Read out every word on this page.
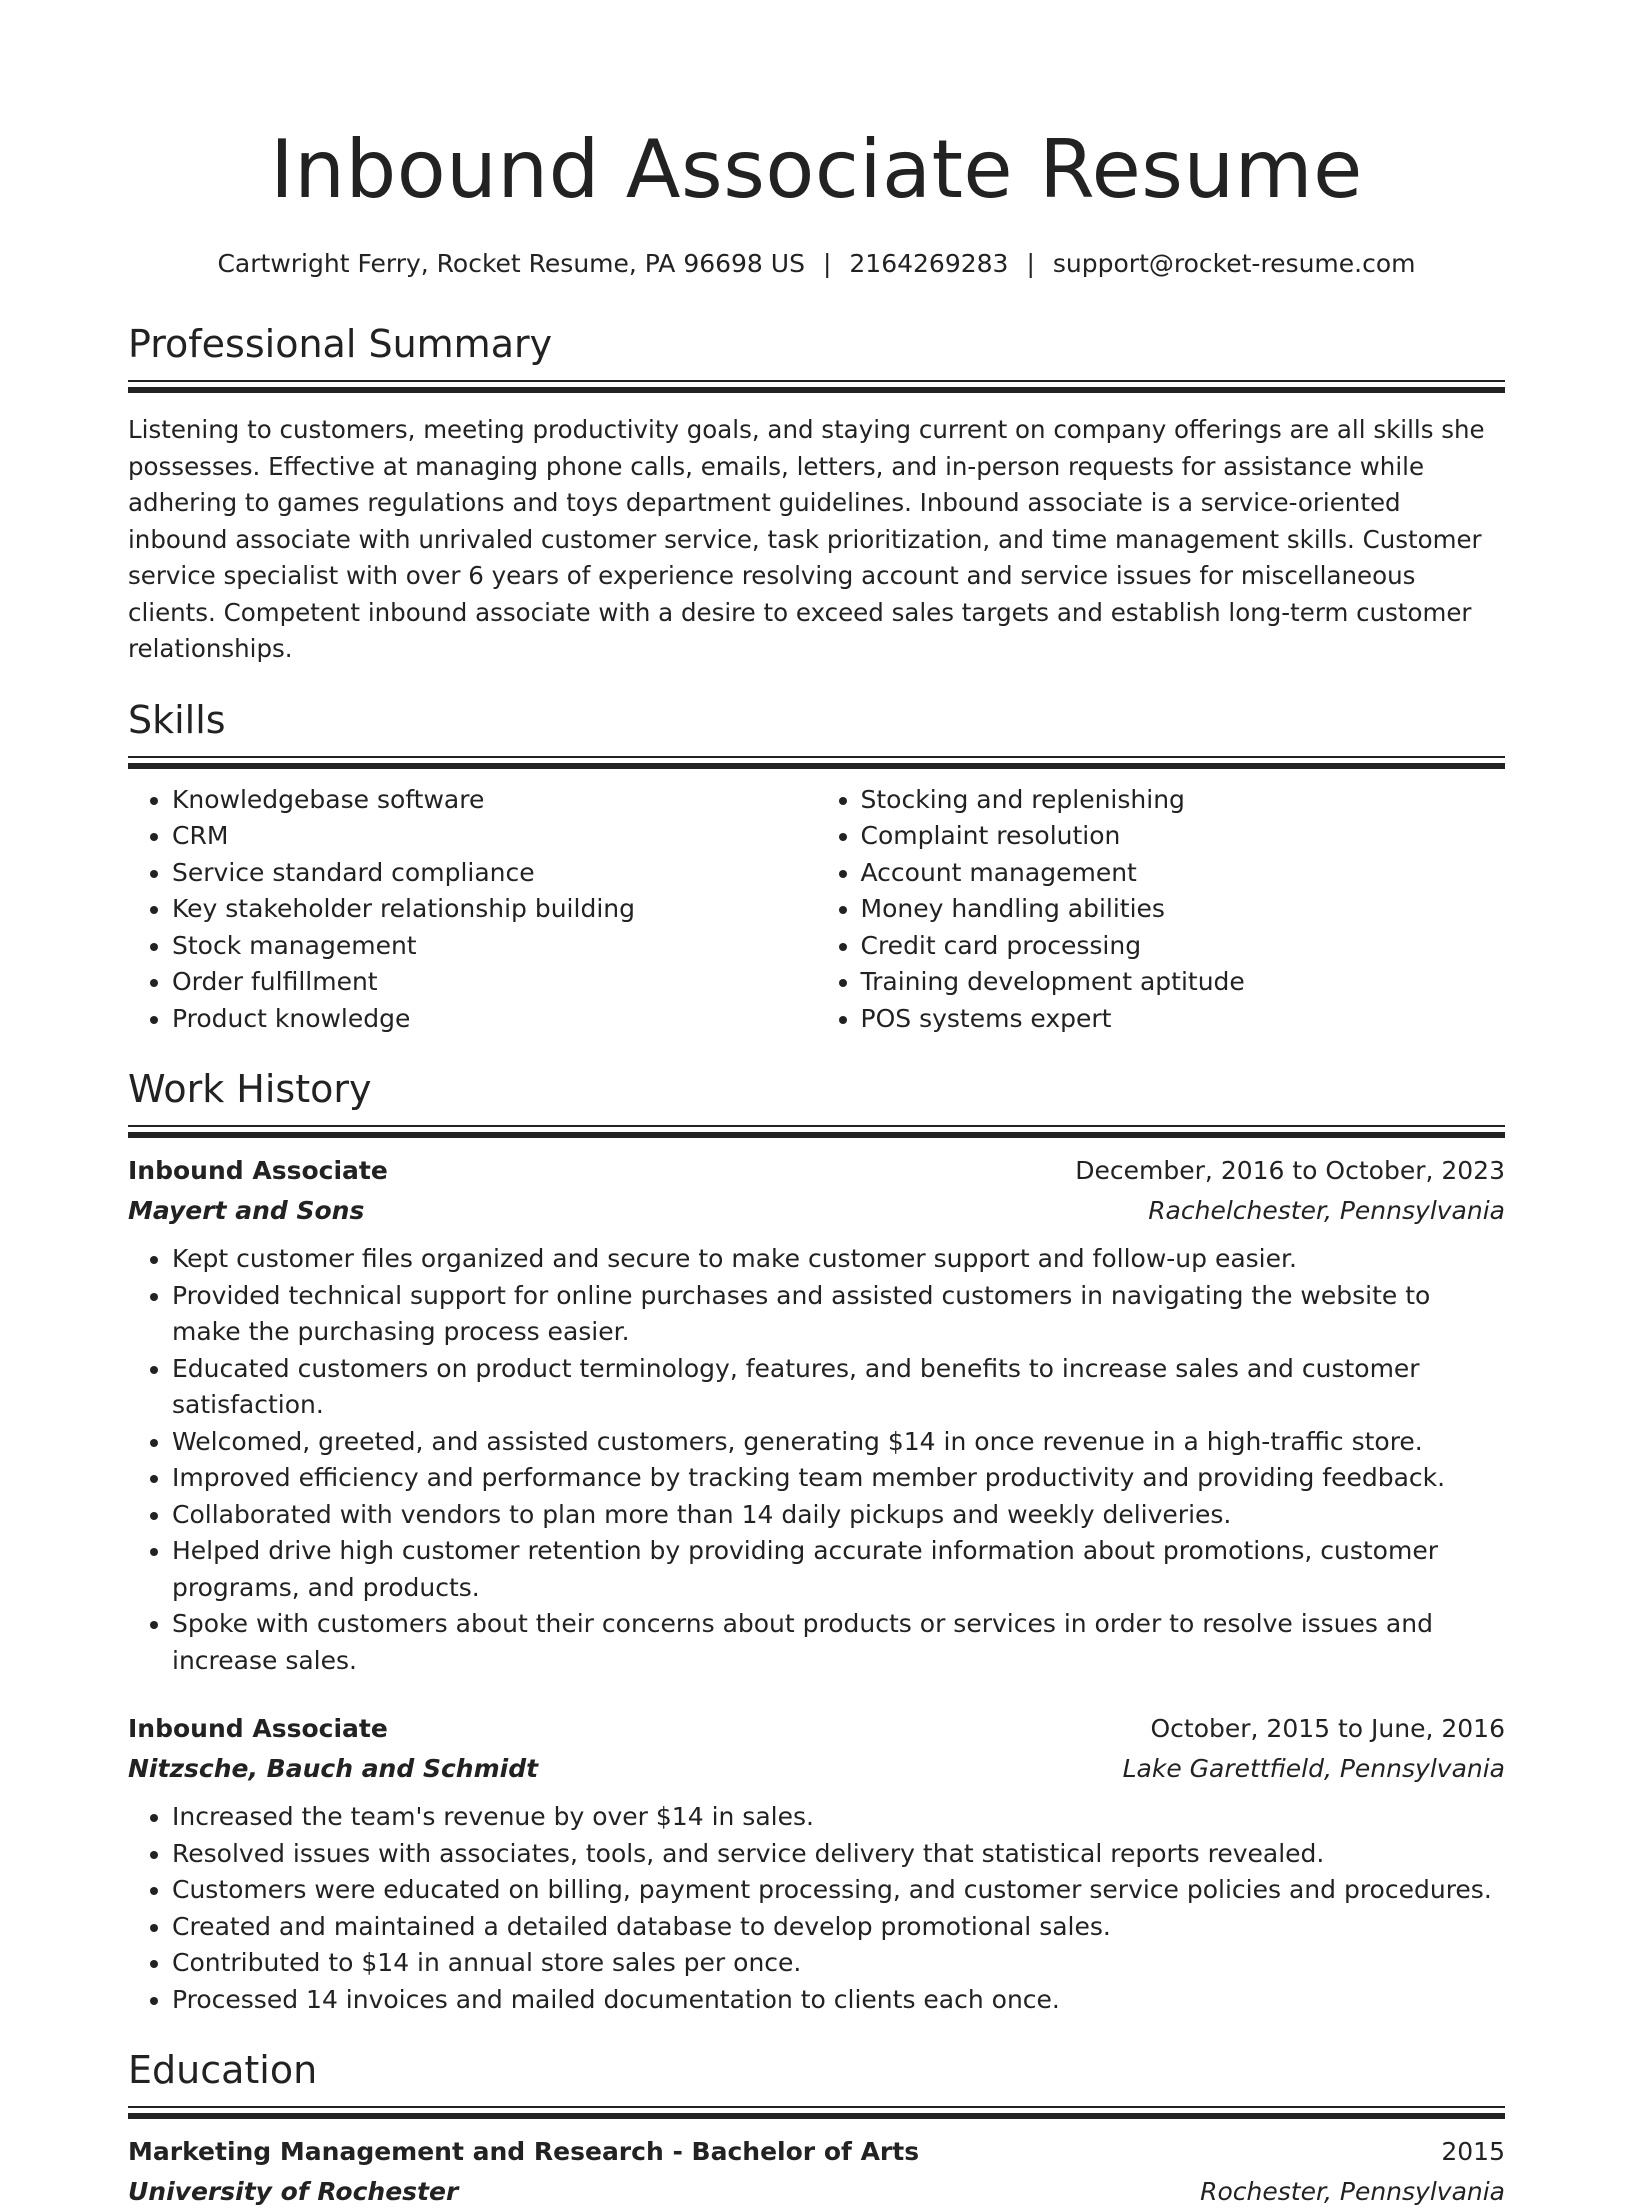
Inbound Associate Resume
Cartwright Ferry, Rocket Resume, PA 96698 US | 2164269283 | support@rocket-resume.com
Professional Summary
Listening to customers, meeting productivity goals, and staying current on company offerings are all skills she possesses. Effective at managing phone calls, emails, letters, and in-person requests for assistance while adhering to games regulations and toys department guidelines. Inbound associate is a service-oriented inbound associate with unrivaled customer service, task prioritization, and time management skills. Customer service specialist with over 6 years of experience resolving account and service issues for miscellaneous clients. Competent inbound associate with a desire to exceed sales targets and establish long-term customer relationships.
Skills
• Knowledgebase software
• CRM
• Service standard compliance
• Key stakeholder relationship building
• Stock management
• Order fulfillment
• Product knowledge
• Stocking and replenishing
• Complaint resolution
• Account management
• Money handling abilities
• Credit card processing
• Training development aptitude
• POS systems expert
Work History
Inbound Associate	December, 2016 to October, 2023
Mayert and Sons	Rachelchester, Pennsylvania
• Kept customer files organized and secure to make customer support and follow-up easier.
• Provided technical support for online purchases and assisted customers in navigating the website to make the purchasing process easier.
• Educated customers on product terminology, features, and benefits to increase sales and customer satisfaction.
• Welcomed, greeted, and assisted customers, generating $14 in once revenue in a high-traffic store.
• Improved efficiency and performance by tracking team member productivity and providing feedback.
• Collaborated with vendors to plan more than 14 daily pickups and weekly deliveries.
• Helped drive high customer retention by providing accurate information about promotions, customer programs, and products.
• Spoke with customers about their concerns about products or services in order to resolve issues and increase sales.
Inbound Associate	October, 2015 to June, 2016
Nitzsche, Bauch and Schmidt	Lake Garettfield, Pennsylvania
• Increased the team's revenue by over $14 in sales.
• Resolved issues with associates, tools, and service delivery that statistical reports revealed.
• Customers were educated on billing, payment processing, and customer service policies and procedures.
• Created and maintained a detailed database to develop promotional sales.
• Contributed to $14 in annual store sales per once.
• Processed 14 invoices and mailed documentation to clients each once.
Education
Marketing Management and Research - Bachelor of Arts	2015
University of Rochester	Rochester, Pennsylvania
